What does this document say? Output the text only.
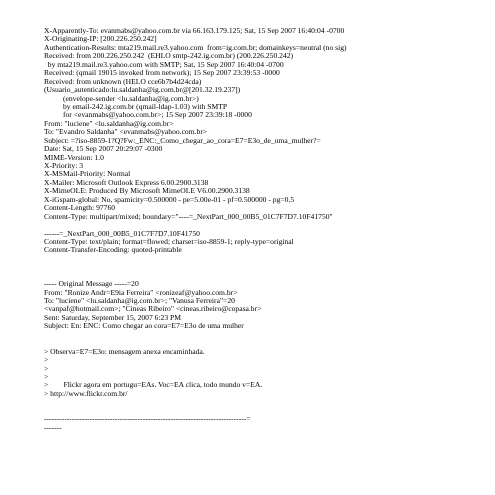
X-Apparently-To: evanmabs@yahoo.com.br via 66.163.179.125; Sat, 15 Sep 2007 16:40:04 -0700
X-Originating-IP: [200.226.250.242]
Authentication-Results: mta219.mail.re3.yahoo.com  from=ig.com.br; domainkeys=neutral (no sig)
Received: from 200.226.250.242  (EHLO smtp-242.ig.com.br) (200.226.250.242)
by mta219.mail.re3.yahoo.com with SMTP; Sat, 15 Sep 2007 16:40:04 -0700
Received: (qmail 19015 invoked from network); 15 Sep 2007 23:39:53 -0000
Received: from unknown (HELO cce6b7b4d24cda)
(Usuario_autenticado:lu.saldanha@ig.com.br@[201.32.19.237])
(envelope-sender <lu.saldanha@ig.com.br>)
by email-242.ig.com.br (qmail-ldap-1.03) with SMTP
for <evanmabs@yahoo.com.br>; 15 Sep 2007 23:39:18 -0000
From: "luciene" <lu.saldanha@ig.com.br>
To: "Evandro Saldanha" <evanmabs@yahoo.com.br>
Subject: =?iso-8859-1?Q?Fw:_ENC:_Como_chegar_ao_cora=E7=E3o_de_uma_mulher?=
Date: Sat, 15 Sep 2007 20:29:07 -0300
MIME-Version: 1.0
X-Priority: 3
X-MSMail-Priority: Normal
X-Mailer: Microsoft Outlook Express 6.00.2900.3138
X-MimeOLE: Produced By Microsoft MimeOLE V6.00.2900.3138
X-iGspam-global: No, spamicity=0.500000 - pe=5.00e-01 - pf=0.500000 - pg=0.5
Content-Length: 97760
Content-Type: multipart/mixed; boundary="----=_NextPart_000_00B5_01C7F7D7.10F41750"

------=_NextPart_000_00B5_01C7F7D7.10F41750
Content-Type: text/plain; format=flowed; charset=iso-8859-1; reply-type=original
Content-Transfer-Encoding: quoted-printable

----- Original Message -----=20
From: "Ronize Andr=E9ia Ferreira" <ronizeaf@yahoo.com.br>
To: "luciene" <lu.saldanha@ig.com.br>; "Vanusa Ferreira"=20
<vanpaf@hotmail.com>; "Cineas Ribeiro" <cineas.ribeiro@copasa.br>
Sent: Saturday, September 15, 2007 6:23 PM
Subject: En: ENC: Como chegar ao cora=E7=E3o de uma mulher

> Observa=E7=E3o: mensagem anexa encaminhada.
>
>
>
>        Flickr agora em portugu=EAs. Voc=EA clica, todo mundo v=EA.
> http://www.flickr.com.br/

--------------------------------------------------------------------------------=
-------
